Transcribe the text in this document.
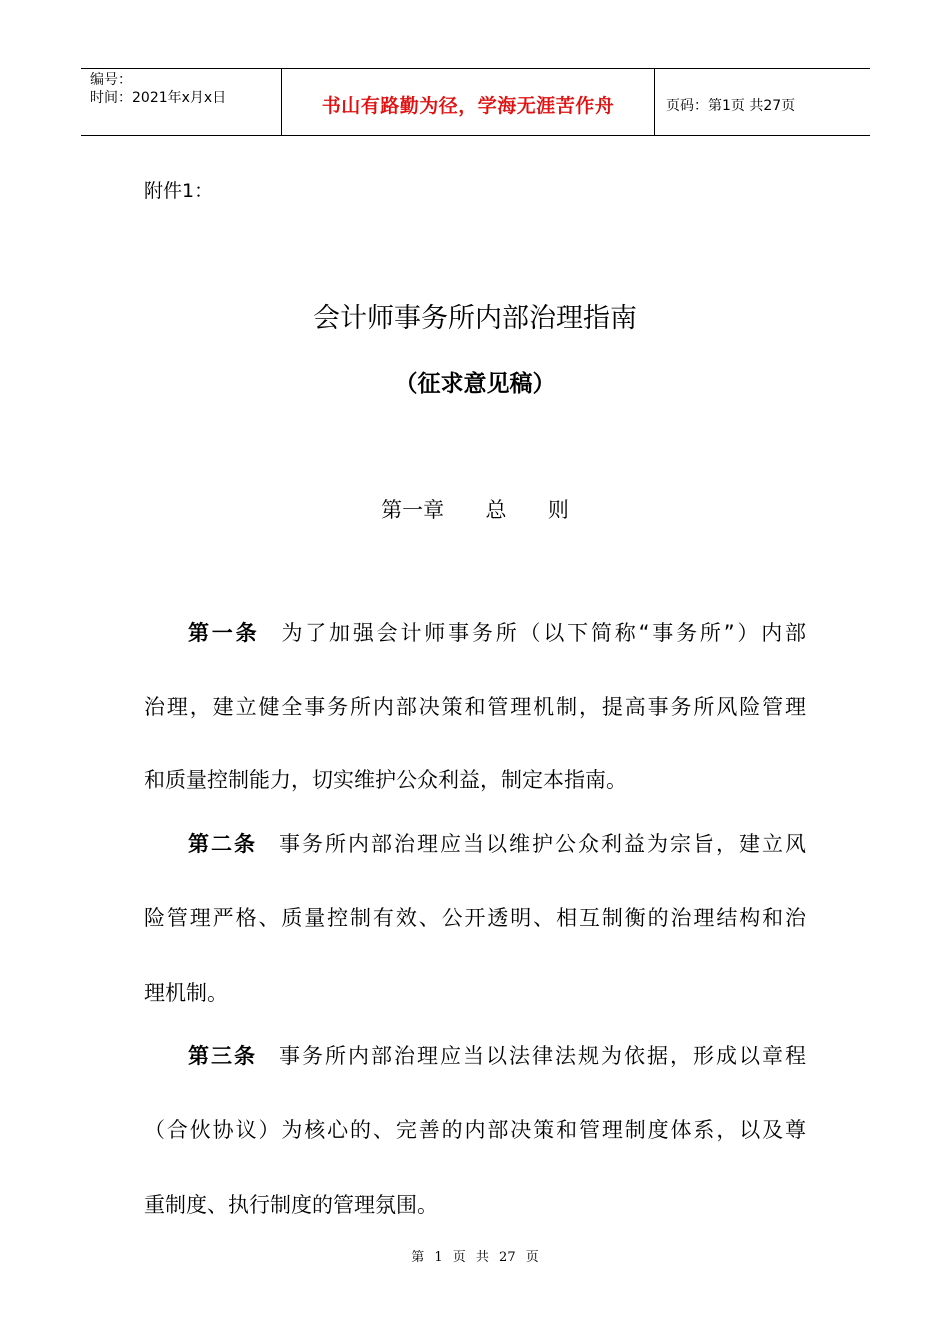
编号：
时间：2021年x月x日	书山有路勤为径，学海无涯苦作舟	页码：第1页 共27页
附件1：
会计师事务所内部治理指南
（征求意见稿）
第一章  总  则
第一条 为了加强会计师事务所（以下简称“事务所”）内部
治理，建立健全事务所内部决策和管理机制，提高事务所风险管理
和质量控制能力，切实维护公众利益，制定本指南。
第二条 事务所内部治理应当以维护公众利益为宗旨，建立风
险管理严格、质量控制有效、公开透明、相互制衡的治理结构和治
理机制。
第三条 事务所内部治理应当以法律法规为依据，形成以章程
（合伙协议）为核心的、完善的内部决策和管理制度体系，以及尊
重制度、执行制度的管理氛围。
第 1 页 共 27 页
